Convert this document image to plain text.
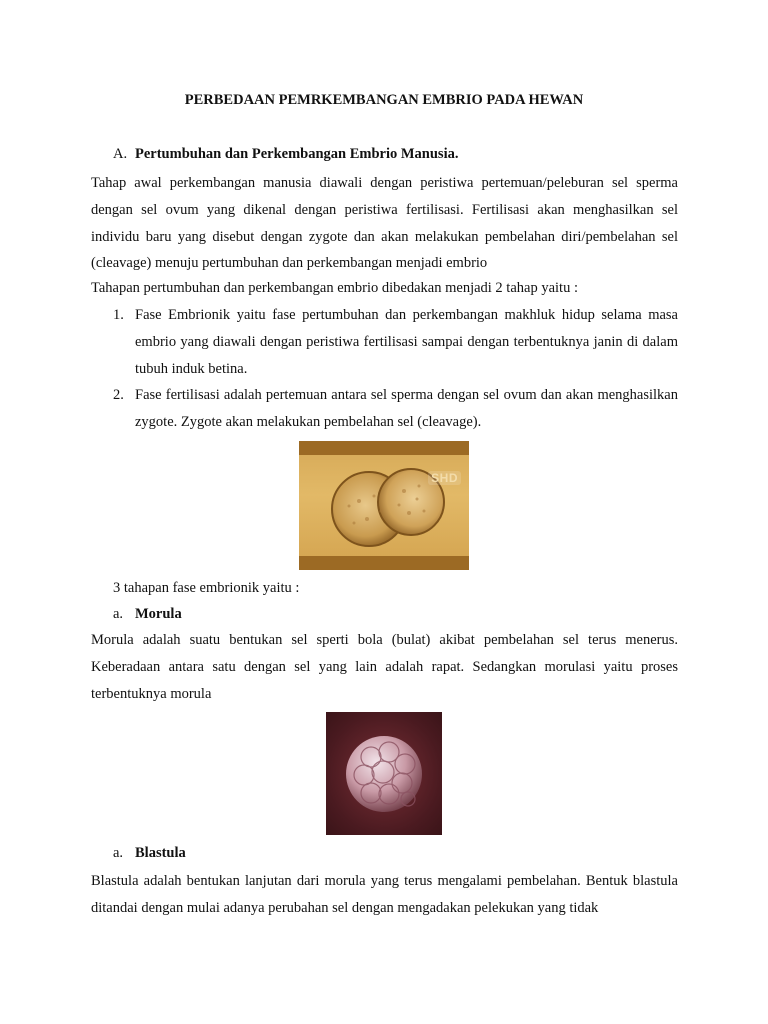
PERBEDAAN PEMRKEMBANGAN EMBRIO PADA HEWAN
A. Pertumbuhan dan Perkembangan Embrio Manusia.

Tahap awal perkembangan manusia diawali dengan peristiwa pertemuan/peleburan sel sperma dengan sel ovum yang dikenal dengan peristiwa fertilisasi. Fertilisasi akan menghasilkan sel individu baru yang disebut dengan zygote dan akan melakukan pembelahan diri/pembelahan sel (cleavage) menuju pertumbuhan dan perkembangan menjadi embrio

Tahapan pertumbuhan dan perkembangan embrio dibedakan menjadi 2 tahap yaitu :
1. Fase Embrionik yaitu fase pertumbuhan dan perkembangan makhluk hidup selama masa embrio yang diawali dengan peristiwa fertilisasi sampai dengan terbentuknya janin di dalam tubuh induk betina.
2. Fase fertilisasi adalah pertemuan antara sel sperma dengan sel ovum dan akan menghasilkan zygote. Zygote akan melakukan pembelahan sel (cleavage).
SHD
3 tahapan fase embrionik yaitu :
a. Morula

Morula adalah suatu bentukan sel sperti bola (bulat) akibat pembelahan sel terus menerus. Keberadaan antara satu dengan sel yang lain adalah rapat. Sedangkan morulasi yaitu proses terbentuknya morula

a. Blastula

Blastula adalah bentukan lanjutan dari morula yang terus mengalami pembelahan. Bentuk blastula ditandai dengan mulai adanya perubahan sel dengan mengadakan pelekukan yang tidak
